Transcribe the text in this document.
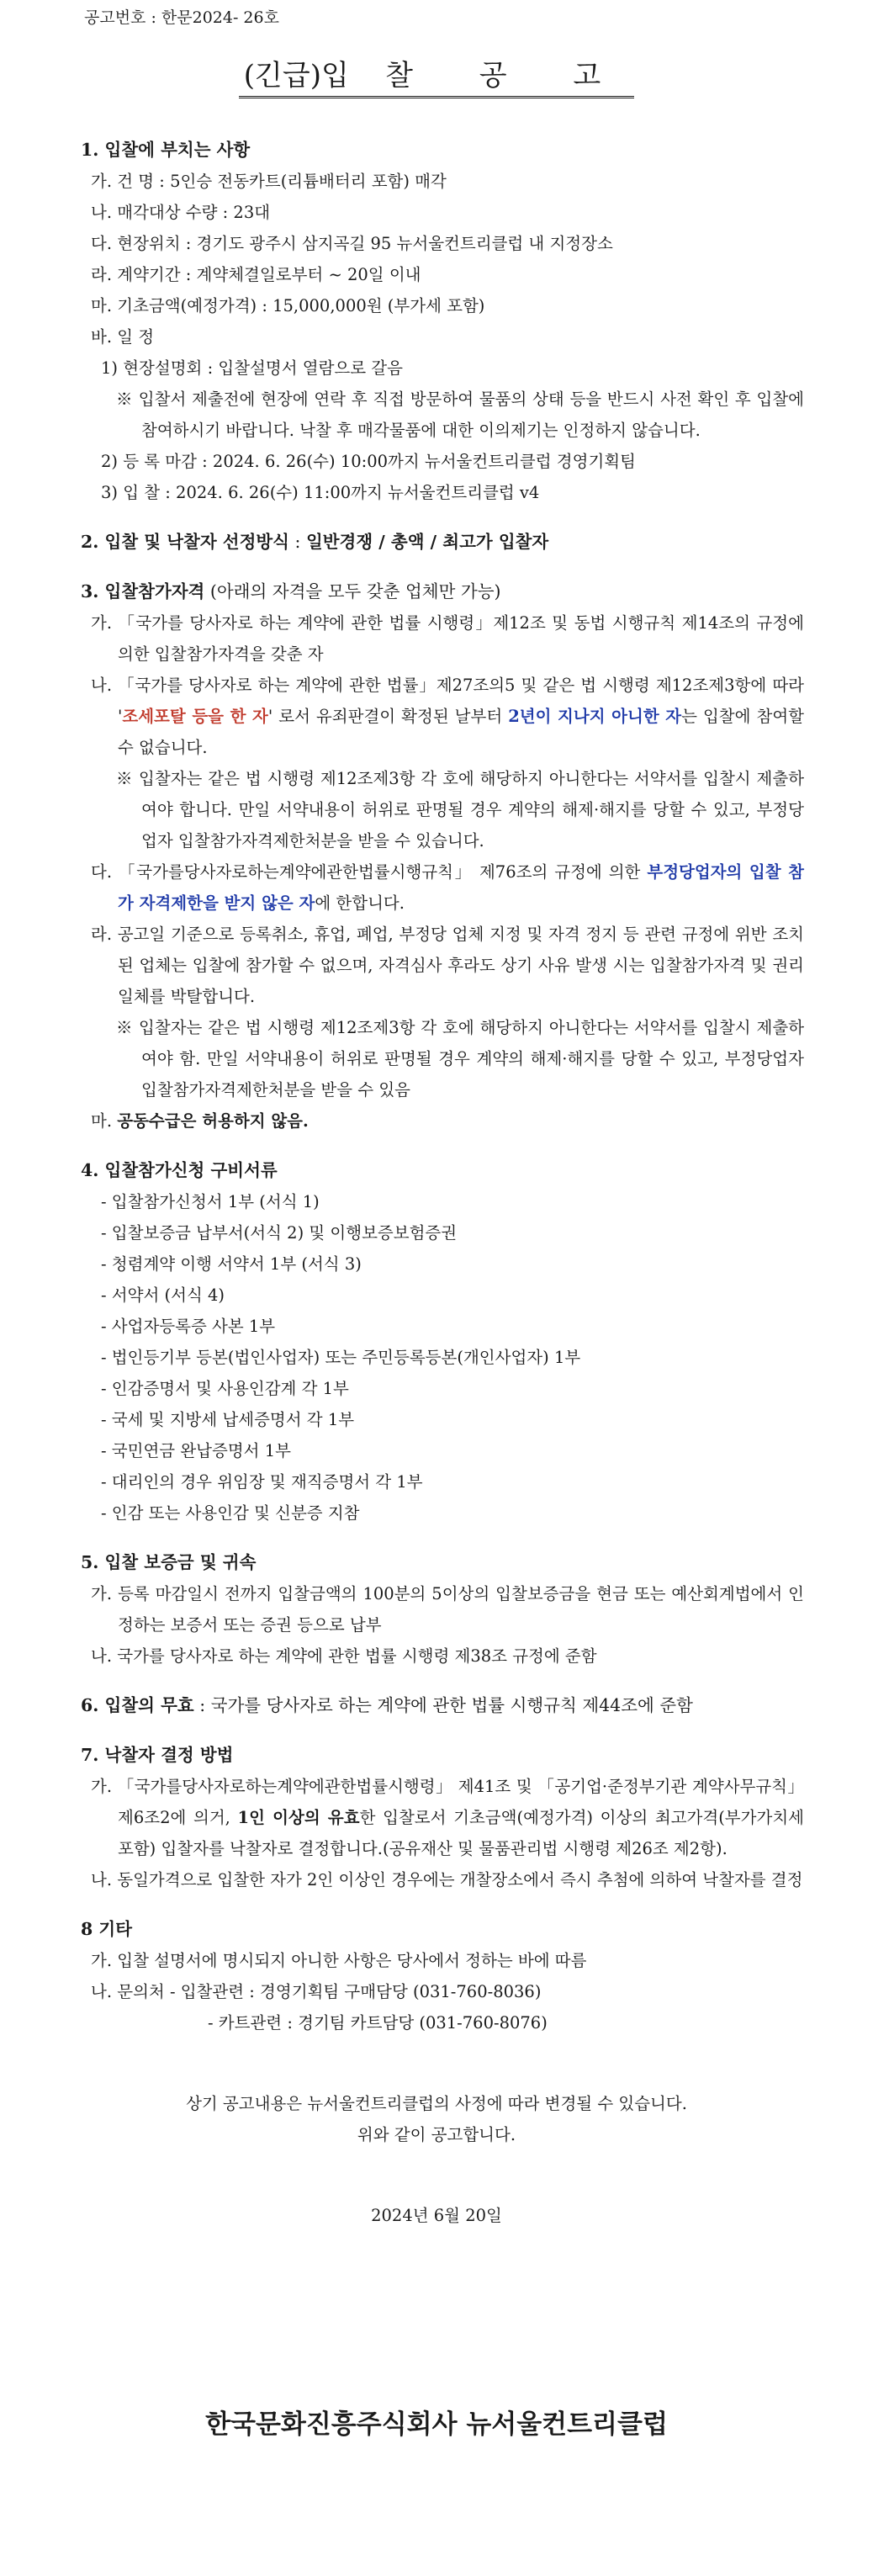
공고번호 : 한문2024- 26호
(긴급)입 찰 공 고
1. 입찰에 부치는 사항
가. 건 명 : 5인승 전동카트(리튬배터리 포함) 매각
나. 매각대상 수량 : 23대
다. 현장위치 : 경기도 광주시 삼지곡길 95 뉴서울컨트리클럽 내 지정장소
라. 계약기간 : 계약체결일로부터 ~ 20일 이내
마. 기초금액(예정가격) : 15,000,000원 (부가세 포함)
바. 일 정
1) 현장설명회 : 입찰설명서 열람으로 갈음
※ 입찰서 제출전에 현장에 연락 후 직접 방문하여 물품의 상태 등을 반드시 사전 확인 후 입찰에 참여하시기 바랍니다. 낙찰 후 매각물품에 대한 이의제기는 인정하지 않습니다.
2) 등 록 마감 : 2024. 6. 26(수) 10:00까지 뉴서울컨트리클럽 경영기획팀
3) 입 찰 : 2024. 6. 26(수) 11:00까지 뉴서울컨트리클럽 v4
2. 입찰 및 낙찰자 선정방식 : 일반경쟁 / 총액 / 최고가 입찰자
3. 입찰참가자격 (아래의 자격을 모두 갖춘 업체만 가능)
가. 「국가를 당사자로 하는 계약에 관한 법률 시행령」제12조 및 동법 시행규칙 제14조의 규정에 의한 입찰참가자격을 갖춘 자
나. 「국가를 당사자로 하는 계약에 관한 법률」제27조의5 및 같은 법 시행령 제12조제3항에 따라 '조세포탈 등을 한 자' 로서 유죄판결이 확정된 날부터 2년이 지나지 아니한 자는 입찰에 참여할 수 없습니다.
※ 입찰자는 같은 법 시행령 제12조제3항 각 호에 해당하지 아니한다는 서약서를 입찰시 제출하여야 합니다. 만일 서약내용이 허위로 판명될 경우 계약의 해제·해지를 당할 수 있고, 부정당업자 입찰참가자격제한처분을 받을 수 있습니다.
다. 「국가를당사자로하는계약에관한법률시행규칙」 제76조의 규정에 의한 부정당업자의 입찰 참가 자격제한을 받지 않은 자에 한합니다.
라. 공고일 기준으로 등록취소, 휴업, 폐업, 부정당 업체 지정 및 자격 정지 등 관련 규정에 위반 조치된 업체는 입찰에 참가할 수 없으며, 자격심사 후라도 상기 사유 발생 시는 입찰참가자격 및 권리일체를 박탈합니다.
※ 입찰자는 같은 법 시행령 제12조제3항 각 호에 해당하지 아니한다는 서약서를 입찰시 제출하여야 함. 만일 서약내용이 허위로 판명될 경우 계약의 해제·해지를 당할 수 있고, 부정당업자 입찰참가자격제한처분을 받을 수 있음
마. 공동수급은 허용하지 않음.
4. 입찰참가신청 구비서류
- 입찰참가신청서 1부 (서식 1)
- 입찰보증금 납부서(서식 2) 및 이행보증보험증권
- 청렴계약 이행 서약서 1부 (서식 3)
- 서약서 (서식 4)
- 사업자등록증 사본 1부
- 법인등기부 등본(법인사업자) 또는 주민등록등본(개인사업자) 1부
- 인감증명서 및 사용인감계 각 1부
- 국세 및 지방세 납세증명서 각 1부
- 국민연금 완납증명서 1부
- 대리인의 경우 위임장 및 재직증명서 각 1부
- 인감 또는 사용인감 및 신분증 지참
5. 입찰 보증금 및 귀속
가. 등록 마감일시 전까지 입찰금액의 100분의 5이상의 입찰보증금을 현금 또는 예산회계법에서 인정하는 보증서 또는 증권 등으로 납부
나. 국가를 당사자로 하는 계약에 관한 법률 시행령 제38조 규정에 준함
6. 입찰의 무효 : 국가를 당사자로 하는 계약에 관한 법률 시행규칙 제44조에 준함
7. 낙찰자 결정 방법
가. 「국가를당사자로하는계약에관한법률시행령」 제41조 및 「공기업·준정부기관 계약사무규칙」 제6조2에 의거, 1인 이상의 유효한 입찰로서 기초금액(예정가격) 이상의 최고가격(부가가치세 포함) 입찰자를 낙찰자로 결정합니다.(공유재산 및 물품관리법 시행령 제26조 제2항).
나. 동일가격으로 입찰한 자가 2인 이상인 경우에는 개찰장소에서 즉시 추첨에 의하여 낙찰자를 결정
8 기타
가. 입찰 설명서에 명시되지 아니한 사항은 당사에서 정하는 바에 따름
나. 문의처 - 입찰관련 : 경영기획팀 구매담당 (031-760-8036)
- 카트관련 : 경기팀 카트담당 (031-760-8076)
상기 공고내용은 뉴서울컨트리클럽의 사정에 따라 변경될 수 있습니다.
위와 같이 공고합니다.
2024년 6월 20일
한국문화진흥주식회사 뉴서울컨트리클럽
